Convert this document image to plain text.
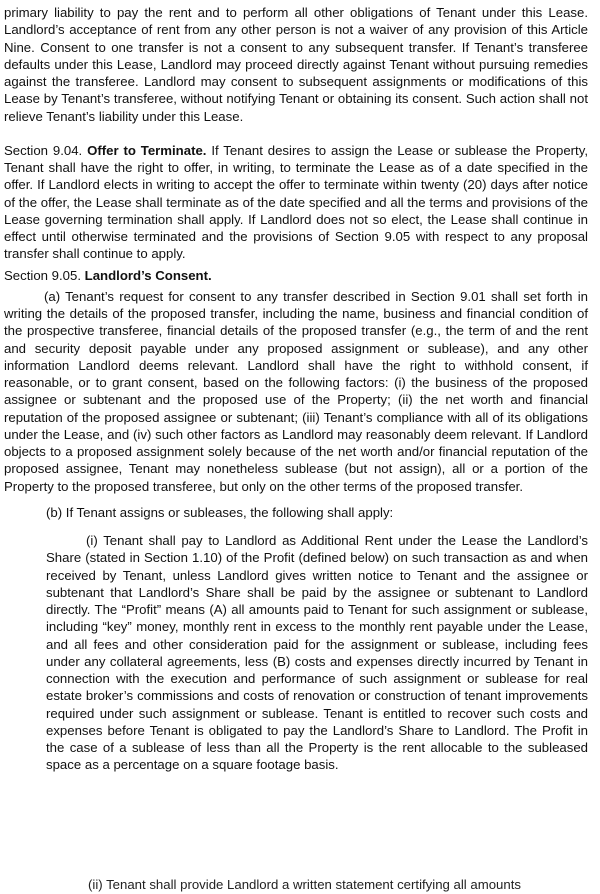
primary liability to pay the rent and to perform all other obligations of Tenant under this Lease. Landlord’s acceptance of rent from any other person is not a waiver of any provision of this Article Nine. Consent to one transfer is not a consent to any subsequent transfer. If Tenant’s transferee defaults under this Lease, Landlord may proceed directly against Tenant without pursuing remedies against the transferee. Landlord may consent to subsequent assignments or modifications of this Lease by Tenant’s transferee, without notifying Tenant or obtaining its consent. Such action shall not relieve Tenant’s liability under this Lease.

Section 9.04. Offer to Terminate. If Tenant desires to assign the Lease or sublease the Property, Tenant shall have the right to offer, in writing, to terminate the Lease as of a date specified in the offer. If Landlord elects in writing to accept the offer to terminate within twenty (20) days after notice of the offer, the Lease shall terminate as of the date specified and all the terms and provisions of the Lease governing termination shall apply. If Landlord does not so elect, the Lease shall continue in effect until otherwise terminated and the provisions of Section 9.05 with respect to any proposal transfer shall continue to apply.

Section 9.05. Landlord’s Consent.

(a) Tenant’s request for consent to any transfer described in Section 9.01 shall set forth in writing the details of the proposed transfer, including the name, business and financial condition of the prospective transferee, financial details of the proposed transfer (e.g., the term of and the rent and security deposit payable under any proposed assignment or sublease), and any other information Landlord deems relevant. Landlord shall have the right to withhold consent, if reasonable, or to grant consent, based on the following factors: (i) the business of the proposed assignee or subtenant and the proposed use of the Property; (ii) the net worth and financial reputation of the proposed assignee or subtenant; (iii) Tenant’s compliance with all of its obligations under the Lease, and (iv) such other factors as Landlord may reasonably deem relevant. If Landlord objects to a proposed assignment solely because of the net worth and/or financial reputation of the proposed assignee, Tenant may nonetheless sublease (but not assign), all or a portion of the Property to the proposed transferee, but only on the other terms of the proposed transfer.

(b) If Tenant assigns or subleases, the following shall apply:

(i) Tenant shall pay to Landlord as Additional Rent under the Lease the Landlord’s Share (stated in Section 1.10) of the Profit (defined below) on such transaction as and when received by Tenant, unless Landlord gives written notice to Tenant and the assignee or subtenant that Landlord’s Share shall be paid by the assignee or subtenant to Landlord directly. The “Profit” means (A) all amounts paid to Tenant for such assignment or sublease, including “key” money, monthly rent in excess to the monthly rent payable under the Lease, and all fees and other consideration paid for the assignment or sublease, including fees under any collateral agreements, less (B) costs and expenses directly incurred by Tenant in connection with the execution and performance of such assignment or sublease for real estate broker’s commissions and costs of renovation or construction of tenant improvements required under such assignment or sublease. Tenant is entitled to recover such costs and expenses before Tenant is obligated to pay the Landlord’s Share to Landlord. The Profit in the case of a sublease of less than all the Property is the rent allocable to the subleased space as a percentage on a square footage basis.

(ii) Tenant shall provide Landlord a written statement certifying all amounts
